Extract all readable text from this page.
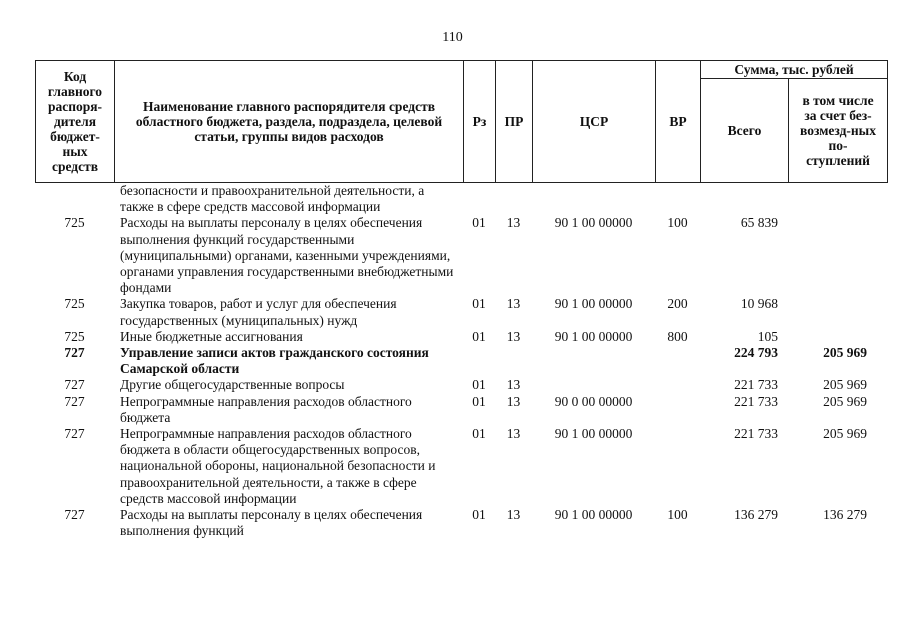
110
Код главного распоря-дителя бюджет-ных средств	Наименование главного распорядителя средств областного бюджета, раздела, подраздела, целевой статьи, группы видов расходов	Рз	ПР	ЦСР	ВР	Сумма, тыс. рублей	
						Всего	в том числе за счет без-возмезд-ных по-ступлений
	безопасности и правоохранительной деятельности, а также в сфере средств массовой информации						
725	Расходы на выплаты персоналу в целях обеспечения выполнения функций государственными (муниципальными) органами, казенными учреждениями, органами управления государственными внебюджетными фондами	01	13	90 1 00 00000	100	65 839	
725	Закупка товаров, работ и услуг для обеспечения государственных (муниципальных) нужд	01	13	90 1 00 00000	200	10 968	
725	Иные бюджетные ассигнования	01	13	90 1 00 00000	800	105	
727	Управление записи актов гражданского состояния Самарской области					224 793	205 969
727	Другие общегосударственные вопросы	01	13			221 733	205 969
727	Непрограммные направления расходов областного бюджета	01	13	90 0 00 00000		221 733	205 969
727	Непрограммные направления расходов областного бюджета в области общегосударственных вопросов, национальной обороны, национальной безопасности и правоохранительной деятельности, а также в сфере средств массовой информации	01	13	90 1 00 00000		221 733	205 969
727	Расходы на выплаты персоналу в целях обеспечения выполнения функций	01	13	90 1 00 00000	100	136 279	136 279
